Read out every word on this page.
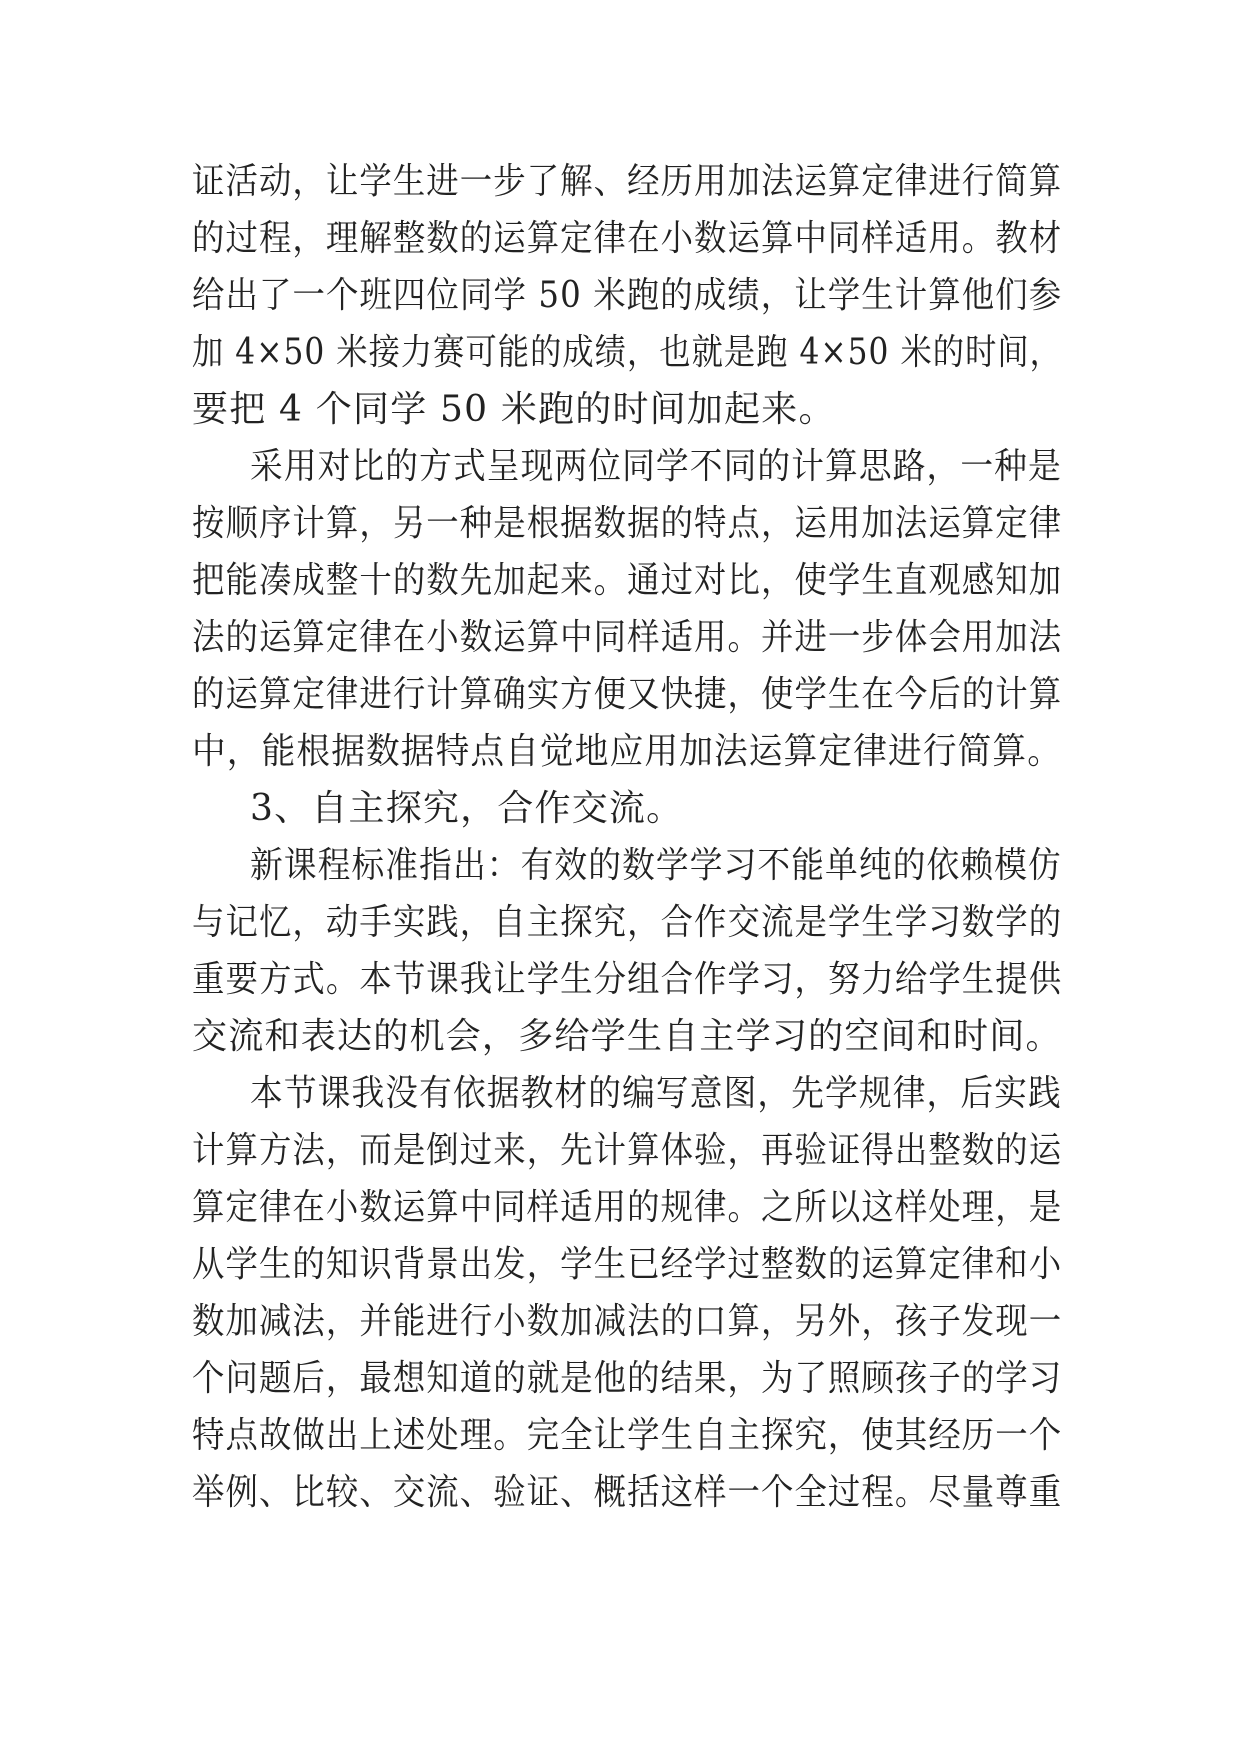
证活动，让学生进一步了解、经历用加法运算定律进行简算
的过程，理解整数的运算定律在小数运算中同样适用。教材
给出了一个班四位同学 50 米跑的成绩，让学生计算他们参
加 4×50 米接力赛可能的成绩，也就是跑 4×50 米的时间，
要把 4 个同学 50 米跑的时间加起来。
采用对比的方式呈现两位同学不同的计算思路，一种是
按顺序计算，另一种是根据数据的特点，运用加法运算定律
把能凑成整十的数先加起来。通过对比，使学生直观感知加
法的运算定律在小数运算中同样适用。并进一步体会用加法
的运算定律进行计算确实方便又快捷，使学生在今后的计算
中，能根据数据特点自觉地应用加法运算定律进行简算。
3、自主探究，合作交流。
新课程标准指出：有效的数学学习不能单纯的依赖模仿
与记忆，动手实践，自主探究，合作交流是学生学习数学的
重要方式。本节课我让学生分组合作学习，努力给学生提供
交流和表达的机会，多给学生自主学习的空间和时间。
本节课我没有依据教材的编写意图，先学规律，后实践
计算方法，而是倒过来，先计算体验，再验证得出整数的运
算定律在小数运算中同样适用的规律。之所以这样处理，是
从学生的知识背景出发，学生已经学过整数的运算定律和小
数加减法，并能进行小数加减法的口算，另外，孩子发现一
个问题后，最想知道的就是他的结果，为了照顾孩子的学习
特点故做出上述处理。完全让学生自主探究，使其经历一个
举例、比较、交流、验证、概括这样一个全过程。尽量尊重
